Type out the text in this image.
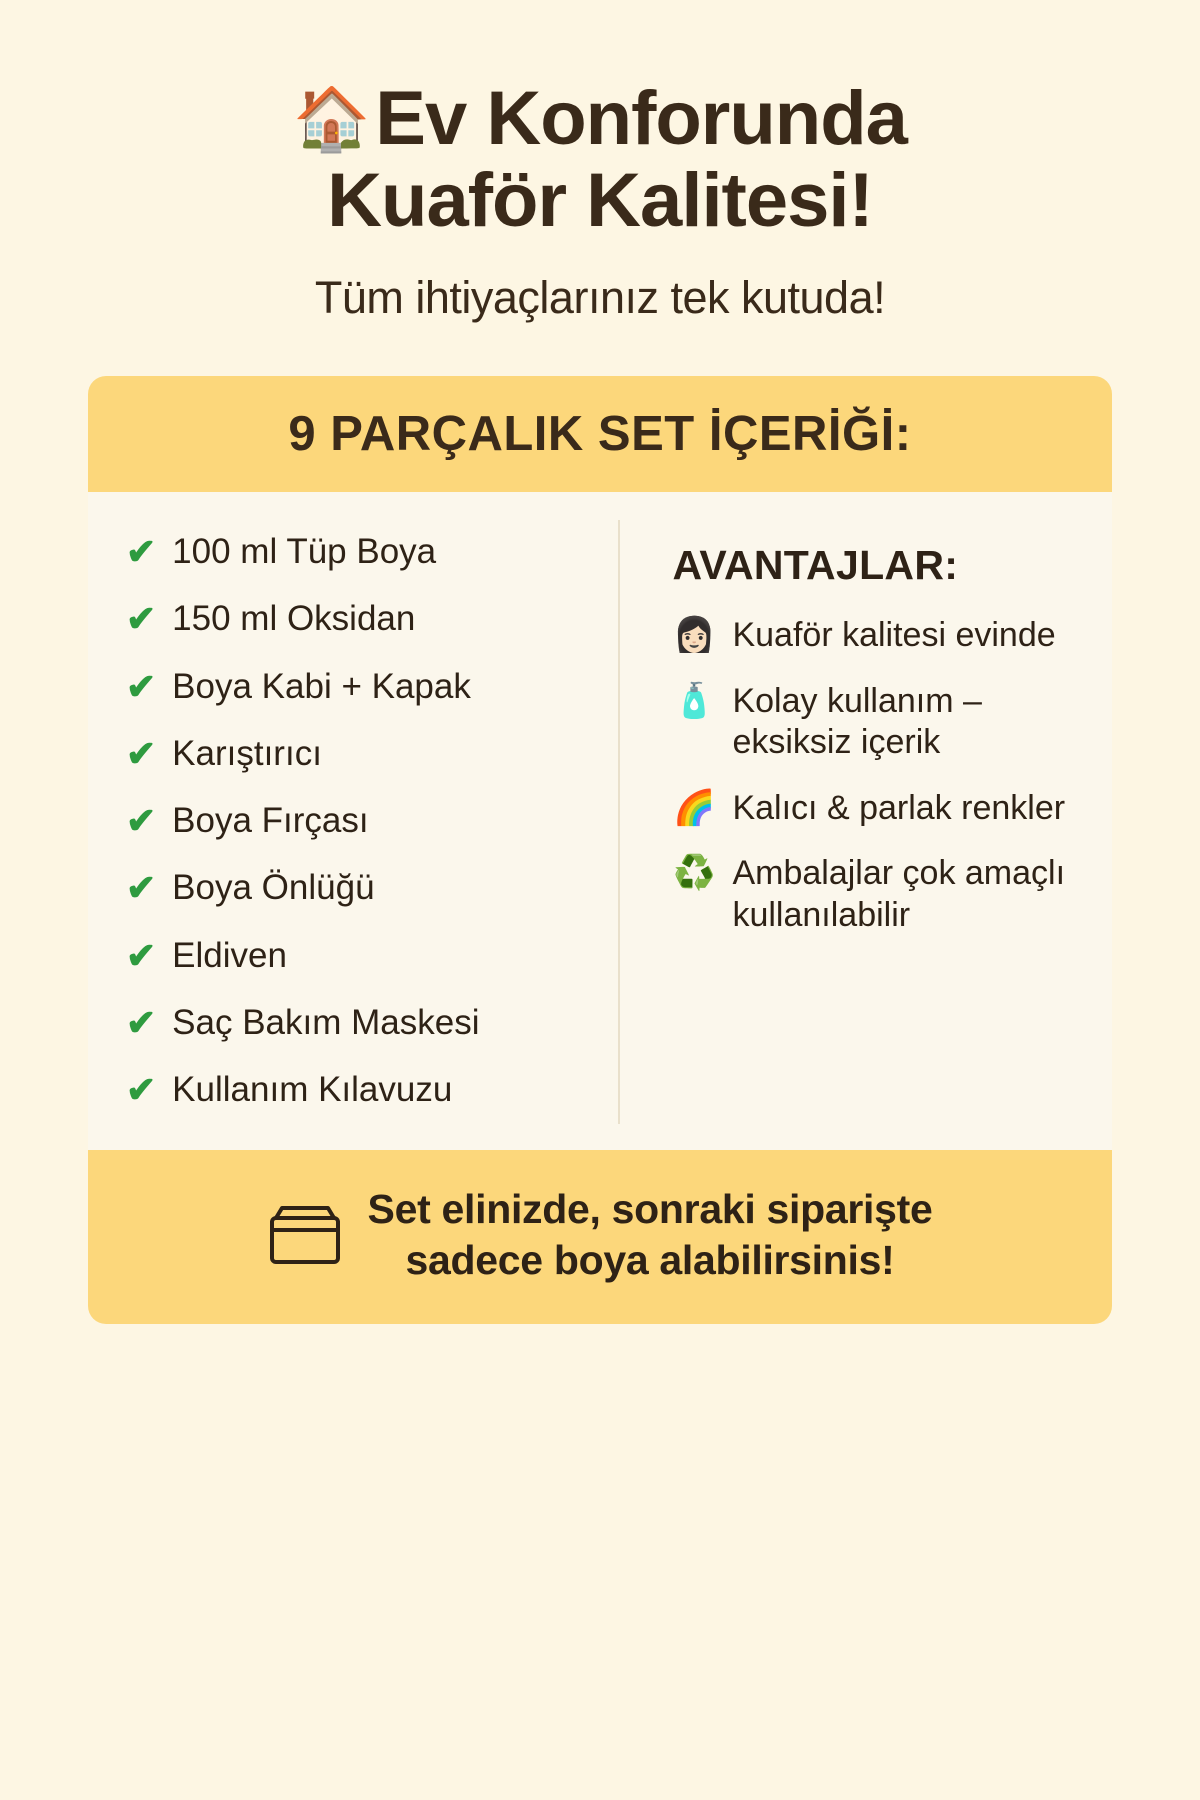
🏠Ev Konforunda
Kuaför Kalitesi!
Tüm ihtiyaçlarınız tek kutuda!
9 PARÇALIK SET İÇERİĞİ:
✔ 100 ml Tüp Boya
✔ 150 ml Oksidan
✔ Boya Kabi + Kapak
✔ Karıştırıcı
✔ Boya Fırçası
✔ Boya Önlüğü
✔ Eldiven
✔ Saç Bakım Maskesi
✔ Kullanım Kılavuzu
AVANTAJLAR:
👩🏻 Kuaför kalitesi evinde
🧴 Kolay kullanım – eksiksiz içerik
🌈 Kalıcı & parlak renkler
♻️ Ambalajlar çok amaçlı kullanılabilir
Set elinizde, sonraki siparişte
sadece boya alabilirsinis!
